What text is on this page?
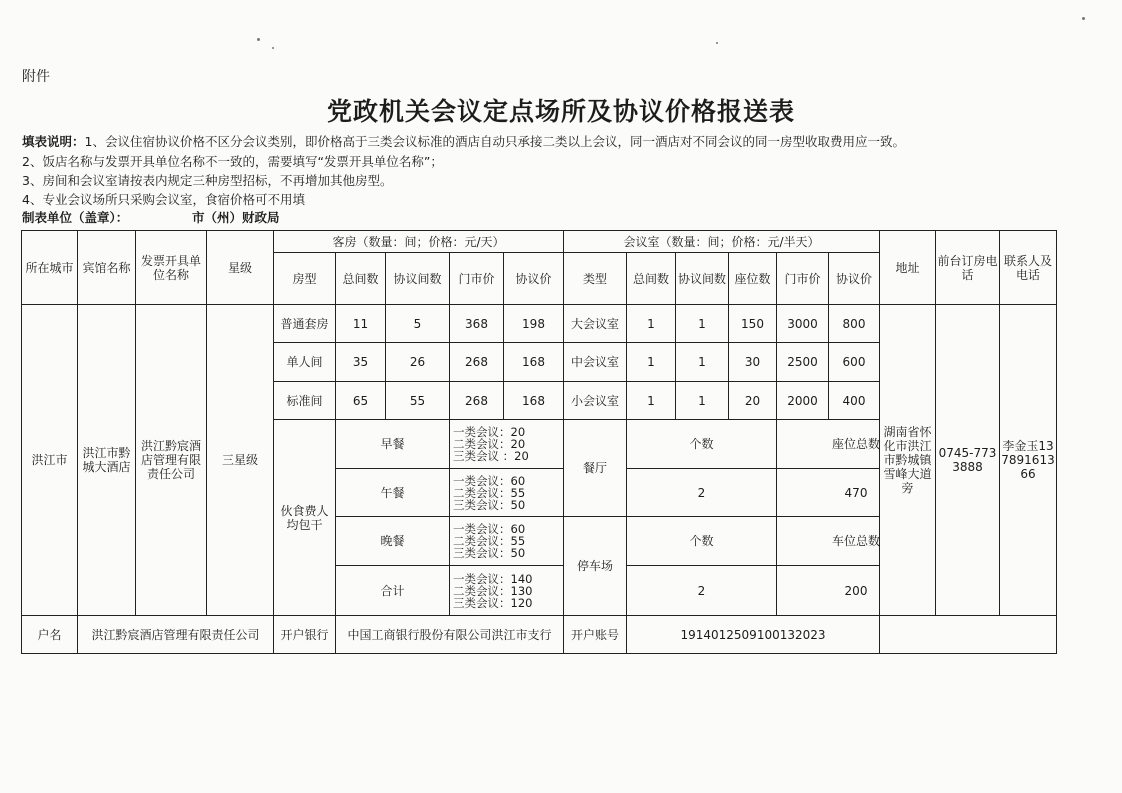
附件
党政机关会议定点场所及协议价格报送表
填表说明：1、会议住宿协议价格不区分会议类别，即价格高于三类会议标准的酒店自动只承接二类以上会议，同一酒店对不同会议的同一房型收取费用应一致。
2、饭店名称与发票开具单位名称不一致的，需要填写“发票开具单位名称”；
3、房间和会议室请按表内规定三种房型招标，不再增加其他房型。
4、专业会议场所只采购会议室，食宿价格可不用填
制表单位（盖章）：	市（州）财政局
所在城市	宾馆名称	发票开具单位名称	星级	客房（数量：间；价格：元/天）					会议室（数量：间；价格：元/半天）						地址	前台订房电话	联系人及电话
				房型	总间数	协议间数	门市价	协议价	类型	总间数	协议间数	座位数	门市价	协议价			
洪江市	洪江市黔城大酒店	洪江黔宸酒店管理有限责任公司	三星级	普通套房	11	5	368	198	大会议室	1	1	150	3000	800	湖南省怀化市洪江市黔城镇雪峰大道旁	0745-7733888	李金玉13789161366
				单人间	35	26	268	168	中会议室	1	1	30	2500	600			
				标准间	65	55	268	168	小会议室	1	1	20	2000	400			
				伙食费人均包干	早餐		一类会议：20
二类会议：20
三类会议 ：20		餐厅	个数			座位总数				
					午餐		一类会议：60
二类会议：55
三类会议：50			2			470				
					晚餐		一类会议：60
二类会议：55
三类会议：50		停车场	个数			车位总数				
					合计		一类会议：140
二类会议：130
三类会议：120			2			200				
户名	洪江黔宸酒店管理有限责任公司			开户银行	中国工商银行股份有限公司洪江市支行				开户账号	1914012509100132023							
